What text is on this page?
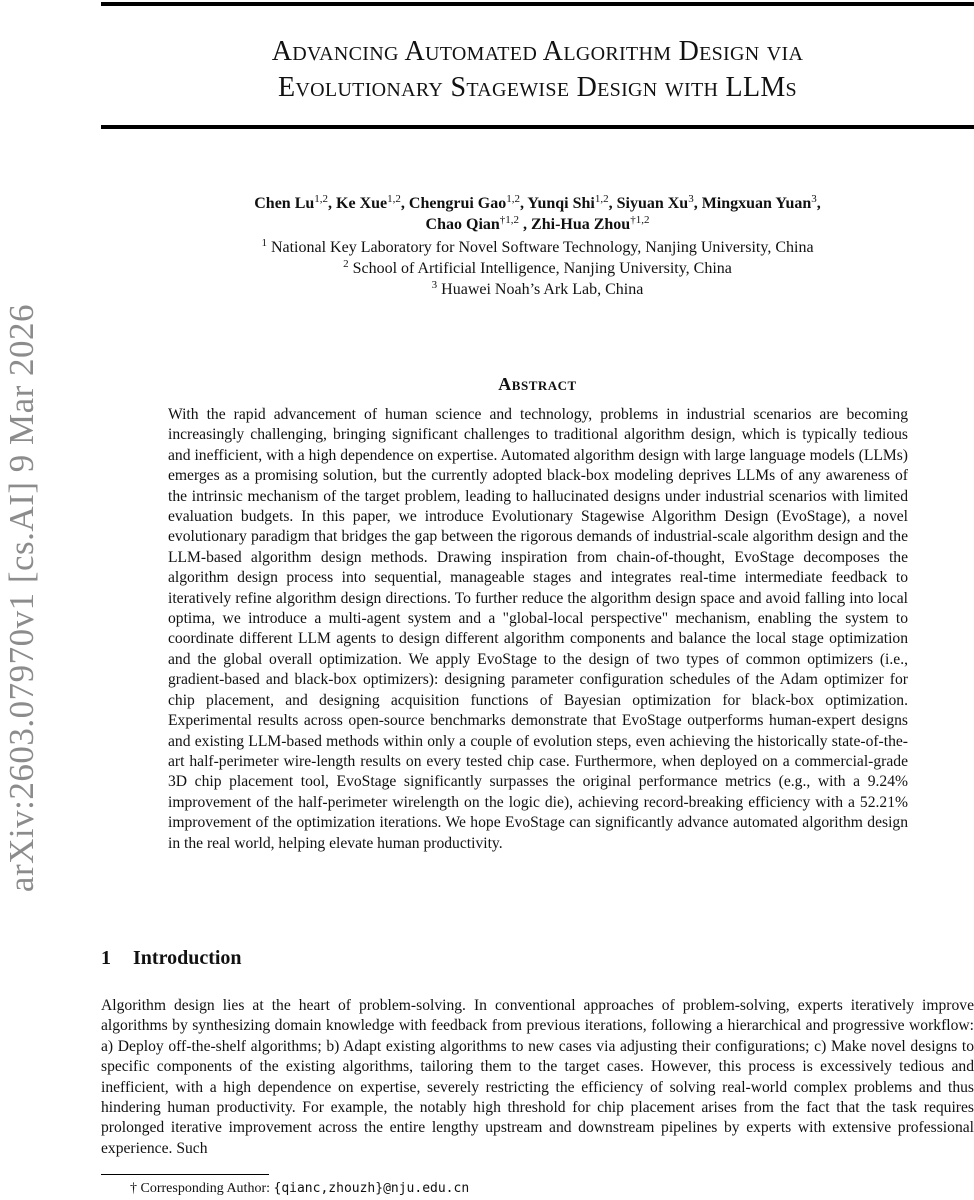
arXiv:2603.07970v1 [cs.AI] 9 Mar 2026
Advancing Automated Algorithm Design via
Evolutionary Stagewise Design with LLMs
Chen Lu$^{1,2}$, Ke Xue$^{1,2}$, Chengrui Gao$^{1,2}$, Yunqi Shi$^{1,2}$, Siyuan Xu$^3$, Mingxuan Yuan$^3$,
Chao Qian$^{\dagger 1,2}$ , Zhi-Hua Zhou$^{\dagger 1,2}$
$^1$ National Key Laboratory for Novel Software Technology, Nanjing University, China
$^2$ School of Artificial Intelligence, Nanjing University, China
$^3$ Huawei Noah’s Ark Lab, China
Abstract
With the rapid advancement of human science and technology, problems in industrial scenarios are becoming increasingly challenging, bringing significant challenges to traditional algorithm design, which is typically tedious and inefficient, with a high dependence on expertise. Automated algorithm design with large language models (LLMs) emerges as a promising solution, but the currently adopted black-box modeling deprives LLMs of any awareness of the intrinsic mechanism of the target problem, leading to hallucinated designs under industrial scenarios with limited evaluation budgets. In this paper, we introduce Evolutionary Stagewise Algorithm Design (EvoStage), a novel evolutionary paradigm that bridges the gap between the rigorous demands of industrial-scale algorithm design and the LLM-based algorithm design methods. Drawing inspiration from chain-of-thought, EvoStage decomposes the algorithm design process into sequential, manageable stages and integrates real-time intermediate feedback to iteratively refine algorithm design directions. To further reduce the algorithm design space and avoid falling into local optima, we introduce a multi-agent system and a "global-local perspective" mechanism, enabling the system to coordinate different LLM agents to design different algorithm components and balance the local stage optimization and the global overall optimization. We apply EvoStage to the design of two types of common optimizers (i.e., gradient-based and black-box optimizers): designing parameter configuration schedules of the Adam optimizer for chip placement, and designing acquisition functions of Bayesian optimization for black-box optimization. Experimental results across open-source benchmarks demonstrate that EvoStage outperforms human-expert designs and existing LLM-based methods within only a couple of evolution steps, even achieving the historically state-of-the-art half-perimeter wire-length results on every tested chip case. Furthermore, when deployed on a commercial-grade 3D chip placement tool, EvoStage significantly surpasses the original performance metrics (e.g., with a 9.24% improvement of the half-perimeter wirelength on the logic die), achieving record-breaking efficiency with a 52.21% improvement of the optimization iterations. We hope EvoStage can significantly advance automated algorithm design in the real world, helping elevate human productivity.
1 Introduction
Algorithm design lies at the heart of problem-solving. In conventional approaches of problem-solving, experts iteratively improve algorithms by synthesizing domain knowledge with feedback from previous iterations, following a hierarchical and progressive workflow: a) Deploy off-the-shelf algorithms; b) Adapt existing algorithms to new cases via adjusting their configurations; c) Make novel designs to specific components of the existing algorithms, tailoring them to the target cases. However, this process is excessively tedious and inefficient, with a high dependence on expertise, severely restricting the efficiency of solving real-world complex problems and thus hindering human productivity. For example, the notably high threshold for chip placement arises from the fact that the task requires prolonged iterative improvement across the entire lengthy upstream and downstream pipelines by experts with extensive professional experience. Such
† Corresponding Author: {qianc,zhouzh}@nju.edu.cn
